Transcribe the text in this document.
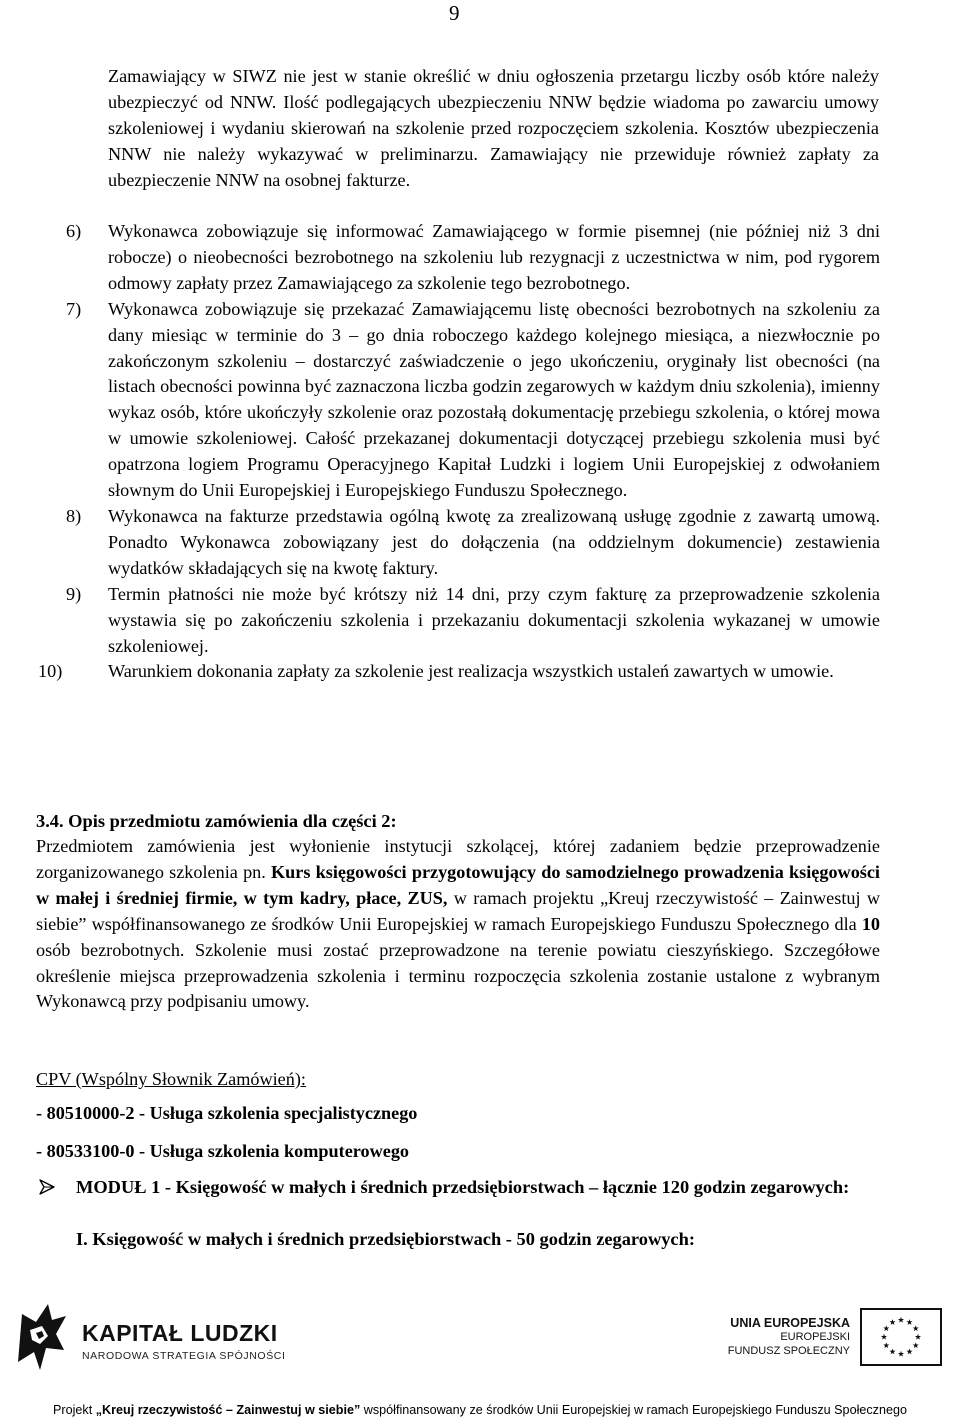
9
Zamawiający w SIWZ nie jest w stanie określić w dniu ogłoszenia przetargu liczby osób które należy ubezpieczyć od NNW. Ilość podlegających ubezpieczeniu NNW będzie wiadoma po zawarciu umowy szkoleniowej i wydaniu skierowań na szkolenie przed rozpoczęciem szkolenia. Kosztów ubezpieczenia NNW nie należy wykazywać w preliminarzu. Zamawiający nie przewiduje również zapłaty za ubezpieczenie NNW na osobnej fakturze.
6) Wykonawca zobowiązuje się informować Zamawiającego w formie pisemnej (nie później niż 3 dni robocze) o nieobecności bezrobotnego na szkoleniu lub rezygnacji z uczestnictwa w nim, pod rygorem odmowy zapłaty przez Zamawiającego za szkolenie tego bezrobotnego.
7) Wykonawca zobowiązuje się przekazać Zamawiającemu listę obecności bezrobotnych na szkoleniu za dany miesiąc w terminie do 3 – go dnia roboczego każdego kolejnego miesiąca, a niezwłocznie po zakończonym szkoleniu – dostarczyć zaświadczenie o jego ukończeniu, oryginały list obecności (na listach obecności powinna być zaznaczona liczba godzin zegarowych w każdym dniu szkolenia), imienny wykaz osób, które ukończyły szkolenie oraz pozostałą dokumentację przebiegu szkolenia, o której mowa w umowie szkoleniowej. Całość przekazanej dokumentacji dotyczącej przebiegu szkolenia musi być opatrzona logiem Programu Operacyjnego Kapitał Ludzki i logiem Unii Europejskiej z odwołaniem słownym do Unii Europejskiej i Europejskiego Funduszu Społecznego.
8) Wykonawca na fakturze przedstawia ogólną kwotę za zrealizowaną usługę zgodnie z zawartą umową. Ponadto Wykonawca zobowiązany jest do dołączenia (na oddzielnym dokumencie) zestawienia wydatków składających się na kwotę faktury.
9) Termin płatności nie może być krótszy niż 14 dni, przy czym fakturę za przeprowadzenie szkolenia wystawia się po zakończeniu szkolenia i przekazaniu dokumentacji szkolenia wykazanej w umowie szkoleniowej.
10)	Warunkiem dokonania zapłaty za szkolenie jest realizacja wszystkich ustaleń zawartych w umowie.
3.4. Opis przedmiotu zamówienia dla części 2:
Przedmiotem zamówienia jest wyłonienie instytucji szkolącej, której zadaniem będzie przeprowadzenie zorganizowanego szkolenia pn. Kurs księgowości przygotowujący do samodzielnego prowadzenia księgowości w małej i średniej firmie, w tym kadry, płace, ZUS, w ramach projektu „Kreuj rzeczywistość – Zainwestuj w siebie” współfinansowanego ze środków Unii Europejskiej w ramach Europejskiego Funduszu Społecznego dla 10 osób bezrobotnych. Szkolenie musi zostać przeprowadzone na terenie powiatu cieszyńskiego. Szczegółowe określenie miejsca przeprowadzenia szkolenia i terminu rozpoczęcia szkolenia zostanie ustalone z wybranym Wykonawcą przy podpisaniu umowy.
CPV (Wspólny Słownik Zamówień):
- 80510000-2 - Usługa szkolenia specjalistycznego
- 80533100-0 - Usługa szkolenia komputerowego
MODUŁ 1 - Księgowość w małych i średnich przedsiębiorstwach – łącznie 120 godzin zegarowych:
I. Księgowość w małych i średnich przedsiębiorstwach - 50 godzin zegarowych:
KAPITAŁ LUDZKI
NARODOWA STRATEGIA SPÓJNOŚCI
UNIA EUROPEJSKA
EUROPEJSKI
FUNDUSZ SPOŁECZNY
Projekt „Kreuj rzeczywistość – Zainwestuj w siebie” współfinansowany ze środków Unii Europejskiej w ramach Europejskiego Funduszu Społecznego
